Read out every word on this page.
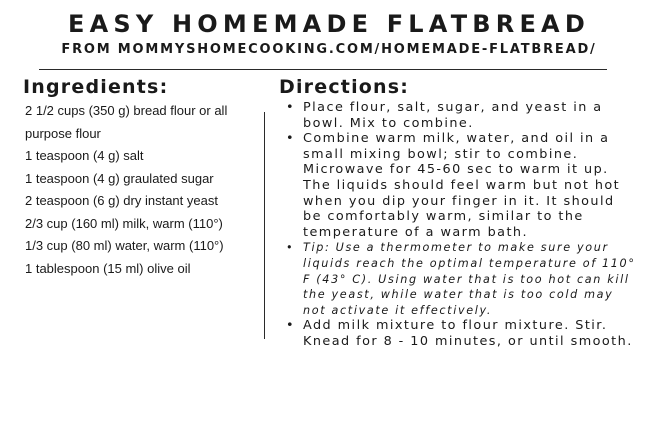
EASY HOMEMADE FLATBREAD
FROM MOMMYSHOMECOOKING.COM/HOMEMADE-FLATBREAD/
Ingredients:
2 1/2 cups (350 g) bread flour or all purpose flour
1 teaspoon (4 g) salt
1 teaspoon (4 g) graulated sugar
2 teaspoon (6 g) dry instant yeast
2/3 cup (160 ml) milk, warm (110°)
1/3 cup (80 ml) water, warm (110°)
1 tablespoon (15 ml) olive oil
Directions:
• Place flour, salt, sugar, and yeast in a bowl. Mix to combine.
• Combine warm milk, water, and oil in a small mixing bowl; stir to combine. Microwave for 45-60 sec to warm it up. The liquids should feel warm but not hot when you dip your finger in it. It should be comfortably warm, similar to the temperature of a warm bath.
• Tip: Use a thermometer to make sure your liquids reach the optimal temperature of 110° F (43° C). Using water that is too hot can kill the yeast, while water that is too cold may not activate it effectively.
• Add milk mixture to flour mixture. Stir. Knead for 8 - 10 minutes, or until smooth.
